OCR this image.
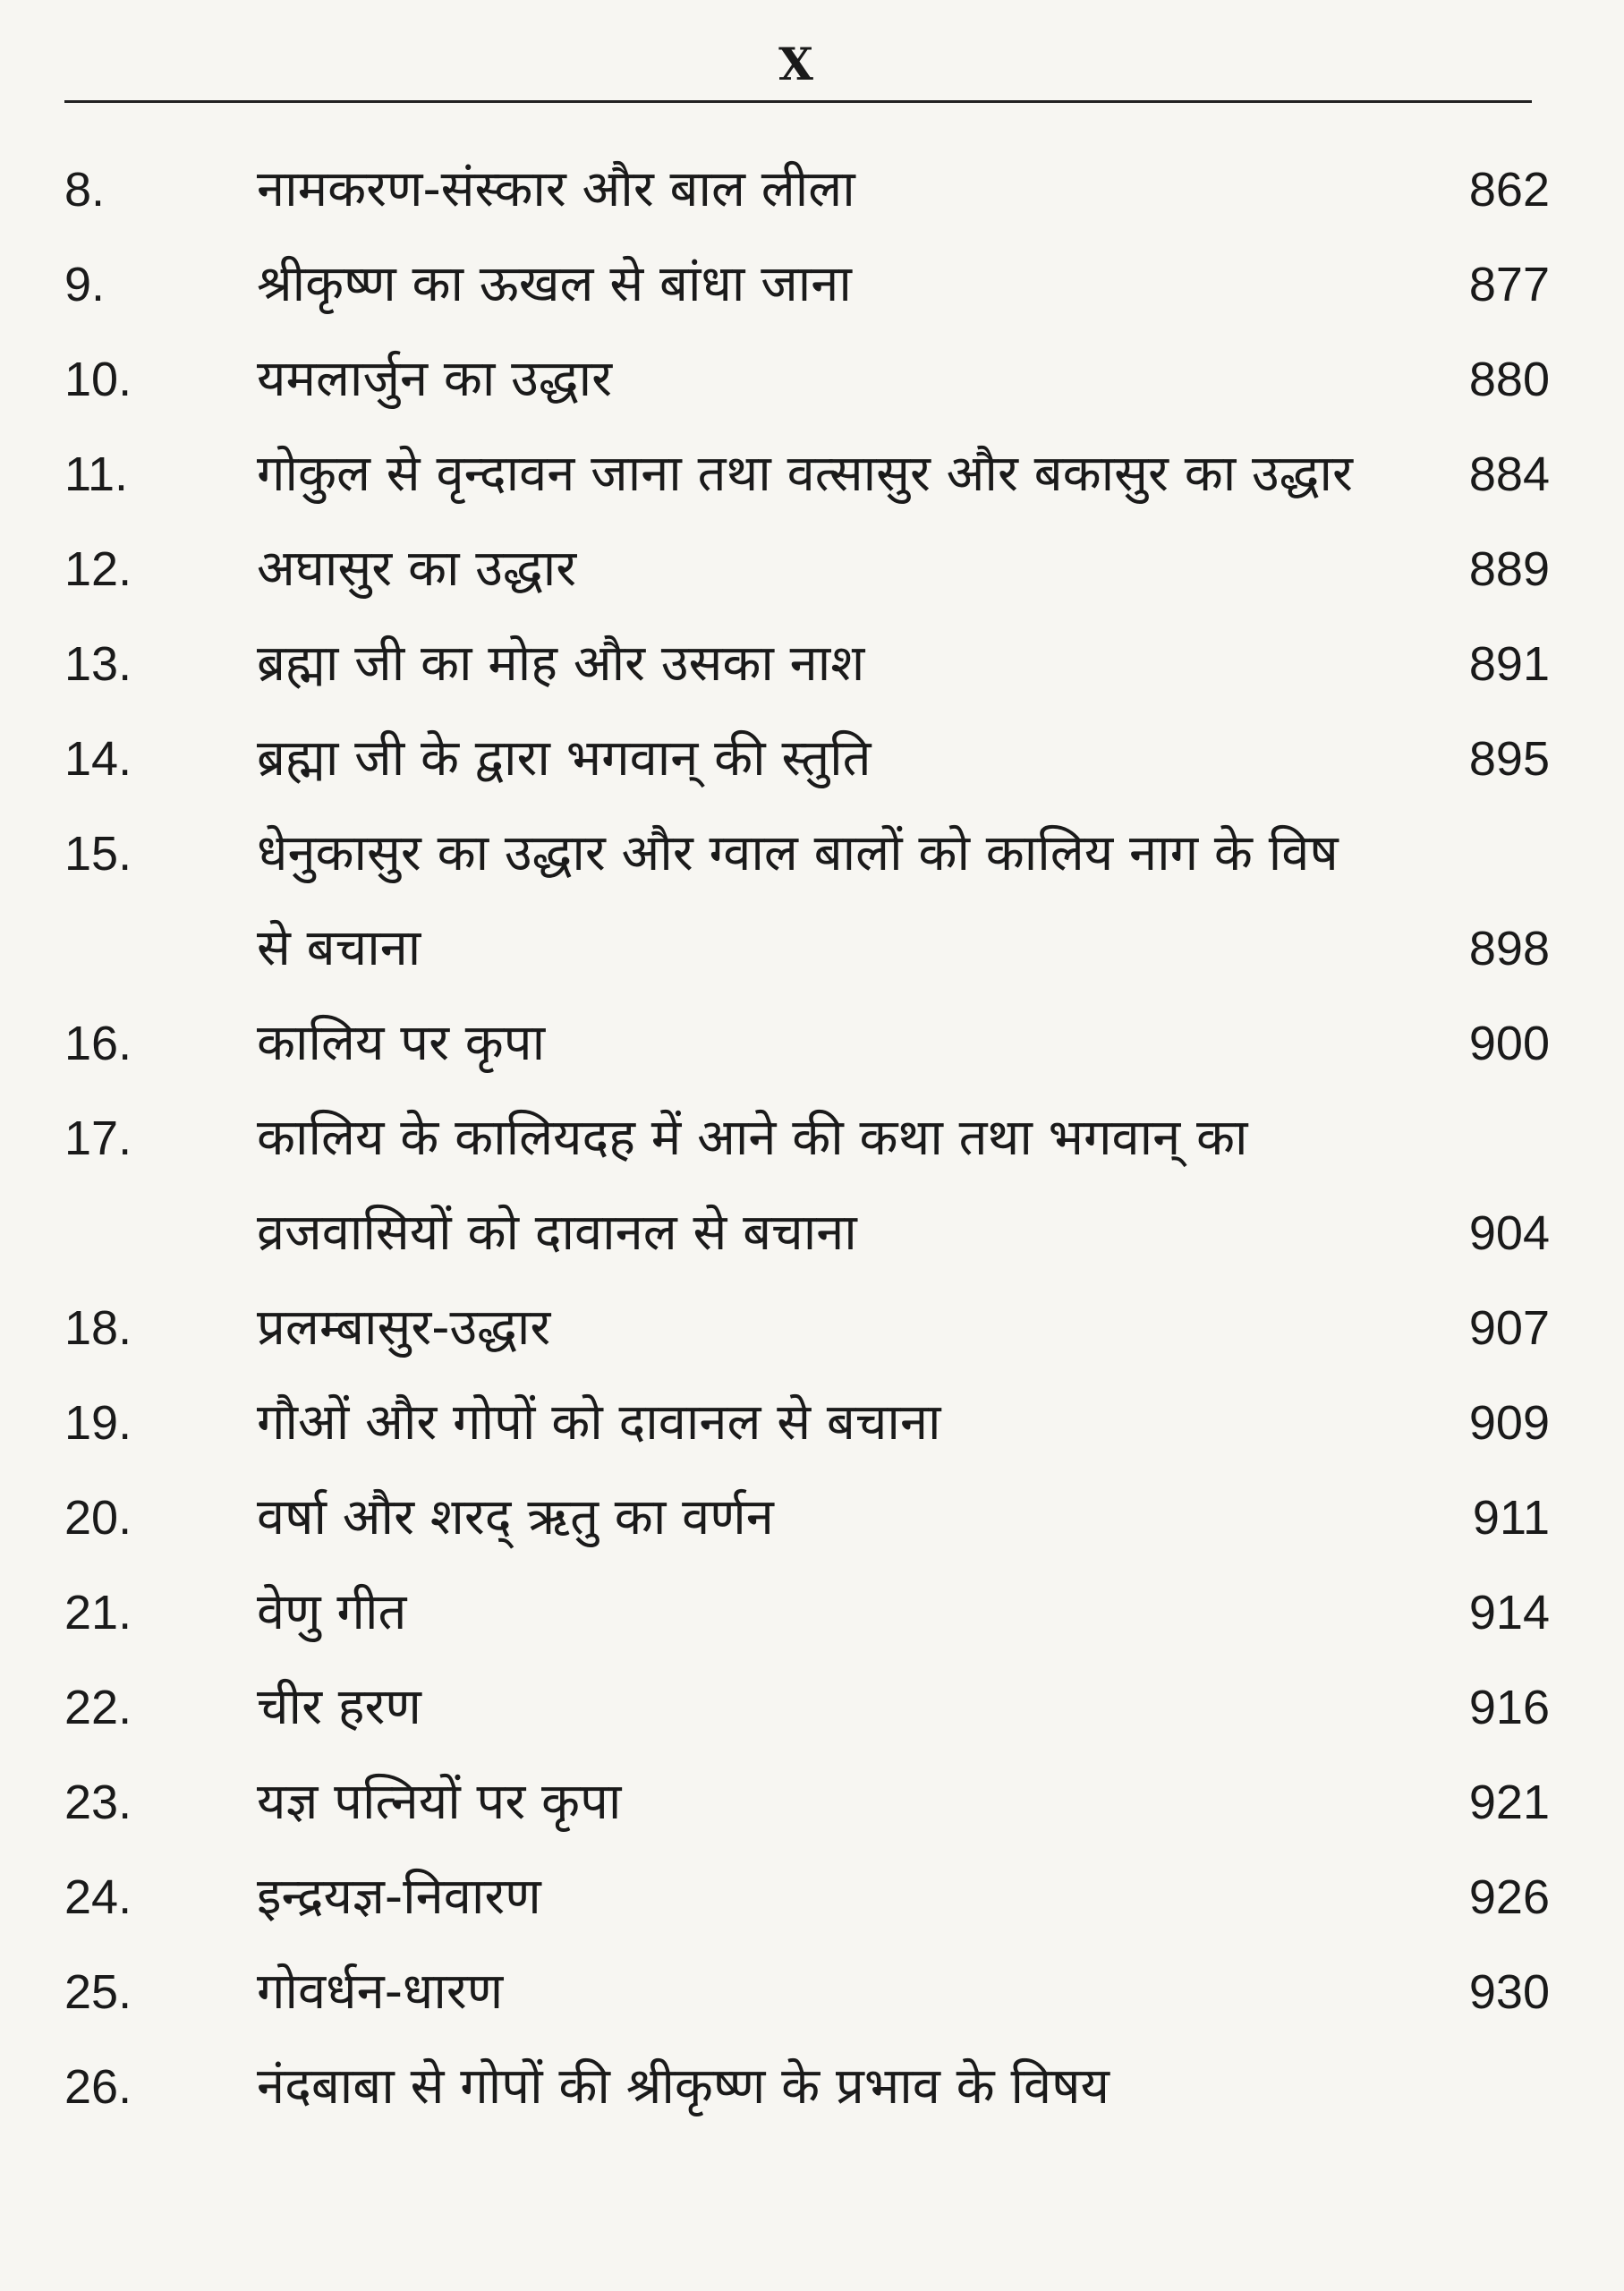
X
8.	नामकरण-संस्कार और बाल लीला	862
9.	श्रीकृष्ण का ऊखल से बांधा जाना	877
10.	यमलार्जुन का उद्धार	880
11.	गोकुल से वृन्दावन जाना तथा वत्सासुर और बकासुर का उद्धार	884
12.	अघासुर का उद्धार	889
13.	ब्रह्मा जी का मोह और उसका नाश	891
14.	ब्रह्मा जी के द्वारा भगवान् की स्तुति	895
15.	धेनुकासुर का उद्धार और ग्वाल बालों को कालिय नाग के विष से बचाना	898
16.	कालिय पर कृपा	900
17.	कालिय के कालियदह में आने की कथा तथा भगवान् का व्रजवासियों को दावानल से बचाना	904
18.	प्रलम्बासुर-उद्धार	907
19.	गौओं और गोपों को दावानल से बचाना	909
20.	वर्षा और शरद् ऋतु का वर्णन	911
21.	वेणु गीत	914
22.	चीर हरण	916
23.	यज्ञ पत्नियों पर कृपा	921
24.	इन्द्रयज्ञ-निवारण	926
25.	गोवर्धन-धारण	930
26.	नंदबाबा से गोपों की श्रीकृष्ण के प्रभाव के विषय
